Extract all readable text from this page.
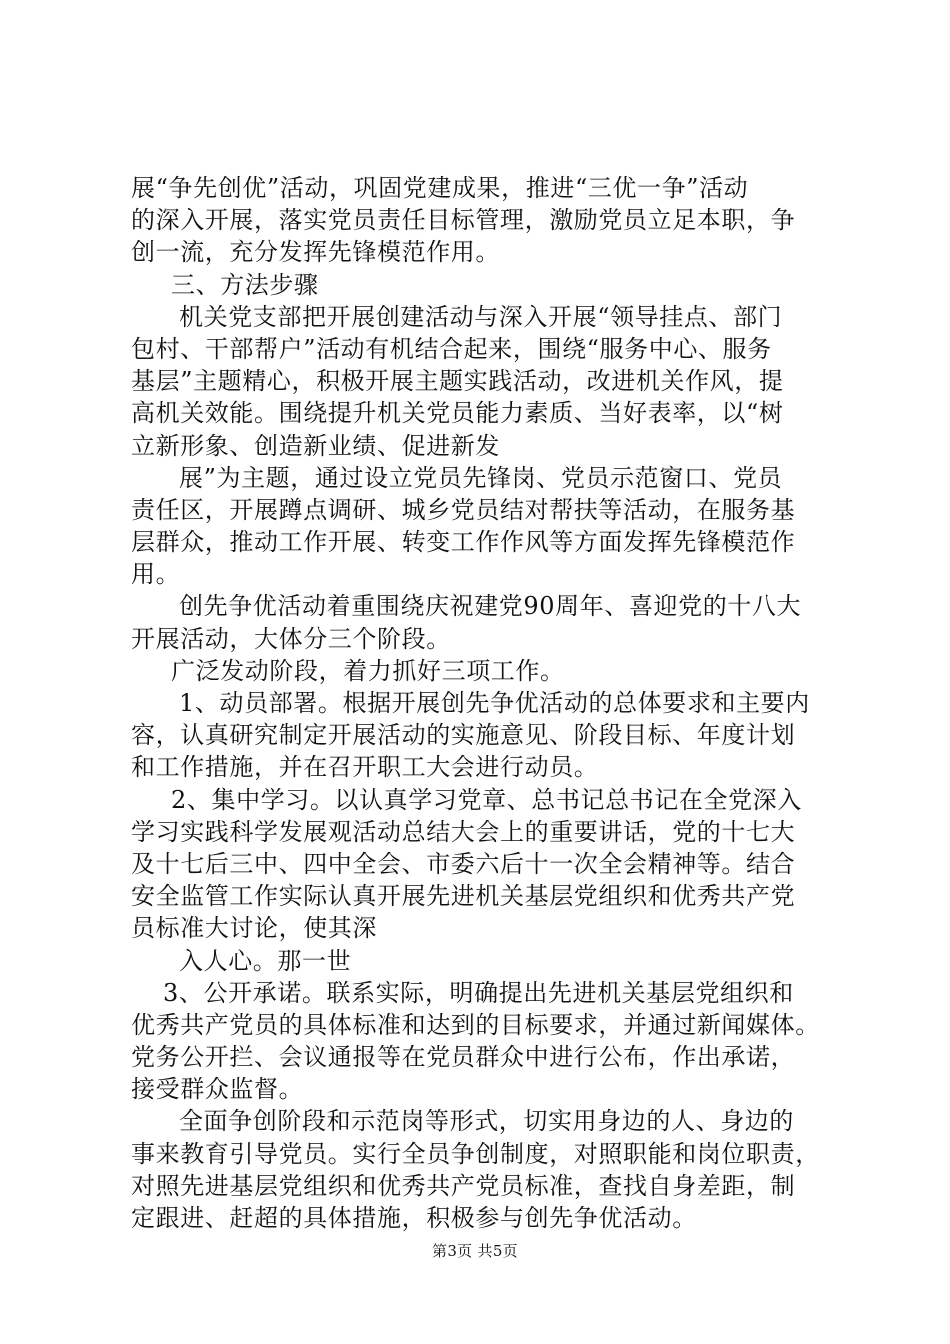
展“争先创优”活动，巩固党建成果，推进“三优一争”活动
的深入开展，落实党员责任目标管理，激励党员立足本职，争
创一流，充分发挥先锋模范作用。
三、方法步骤
机关党支部把开展创建活动与深入开展“领导挂点、部门
包村、干部帮户”活动有机结合起来，围绕“服务中心、服务
基层”主题精心，积极开展主题实践活动，改进机关作风，提
高机关效能。围绕提升机关党员能力素质、当好表率，以“树
立新形象、创造新业绩、促进新发
展”为主题，通过设立党员先锋岗、党员示范窗口、党员
责任区，开展蹲点调研、城乡党员结对帮扶等活动，在服务基
层群众，推动工作开展、转变工作作风等方面发挥先锋模范作
用。
创先争优活动着重围绕庆祝建党90周年、喜迎党的十八大
开展活动，大体分三个阶段。
广泛发动阶段，着力抓好三项工作。
1、动员部署。根据开展创先争优活动的总体要求和主要内
容，认真研究制定开展活动的实施意见、阶段目标、年度计划
和工作措施，并在召开职工大会进行动员。
2、集中学习。以认真学习党章、总书记总书记在全党深入
学习实践科学发展观活动总结大会上的重要讲话，党的十七大
及十七后三中、四中全会、市委六后十一次全会精神等。结合
安全监管工作实际认真开展先进机关基层党组织和优秀共产党
员标准大讨论，使其深
入人心。那一世
3、公开承诺。联系实际，明确提出先进机关基层党组织和
优秀共产党员的具体标准和达到的目标要求，并通过新闻媒体。
党务公开拦、会议通报等在党员群众中进行公布，作出承诺，
接受群众监督。
全面争创阶段和示范岗等形式，切实用身边的人、身边的
事来教育引导党员。实行全员争创制度，对照职能和岗位职责，
对照先进基层党组织和优秀共产党员标准，查找自身差距，制
定跟进、赶超的具体措施，积极参与创先争优活动。
第3页 共5页
